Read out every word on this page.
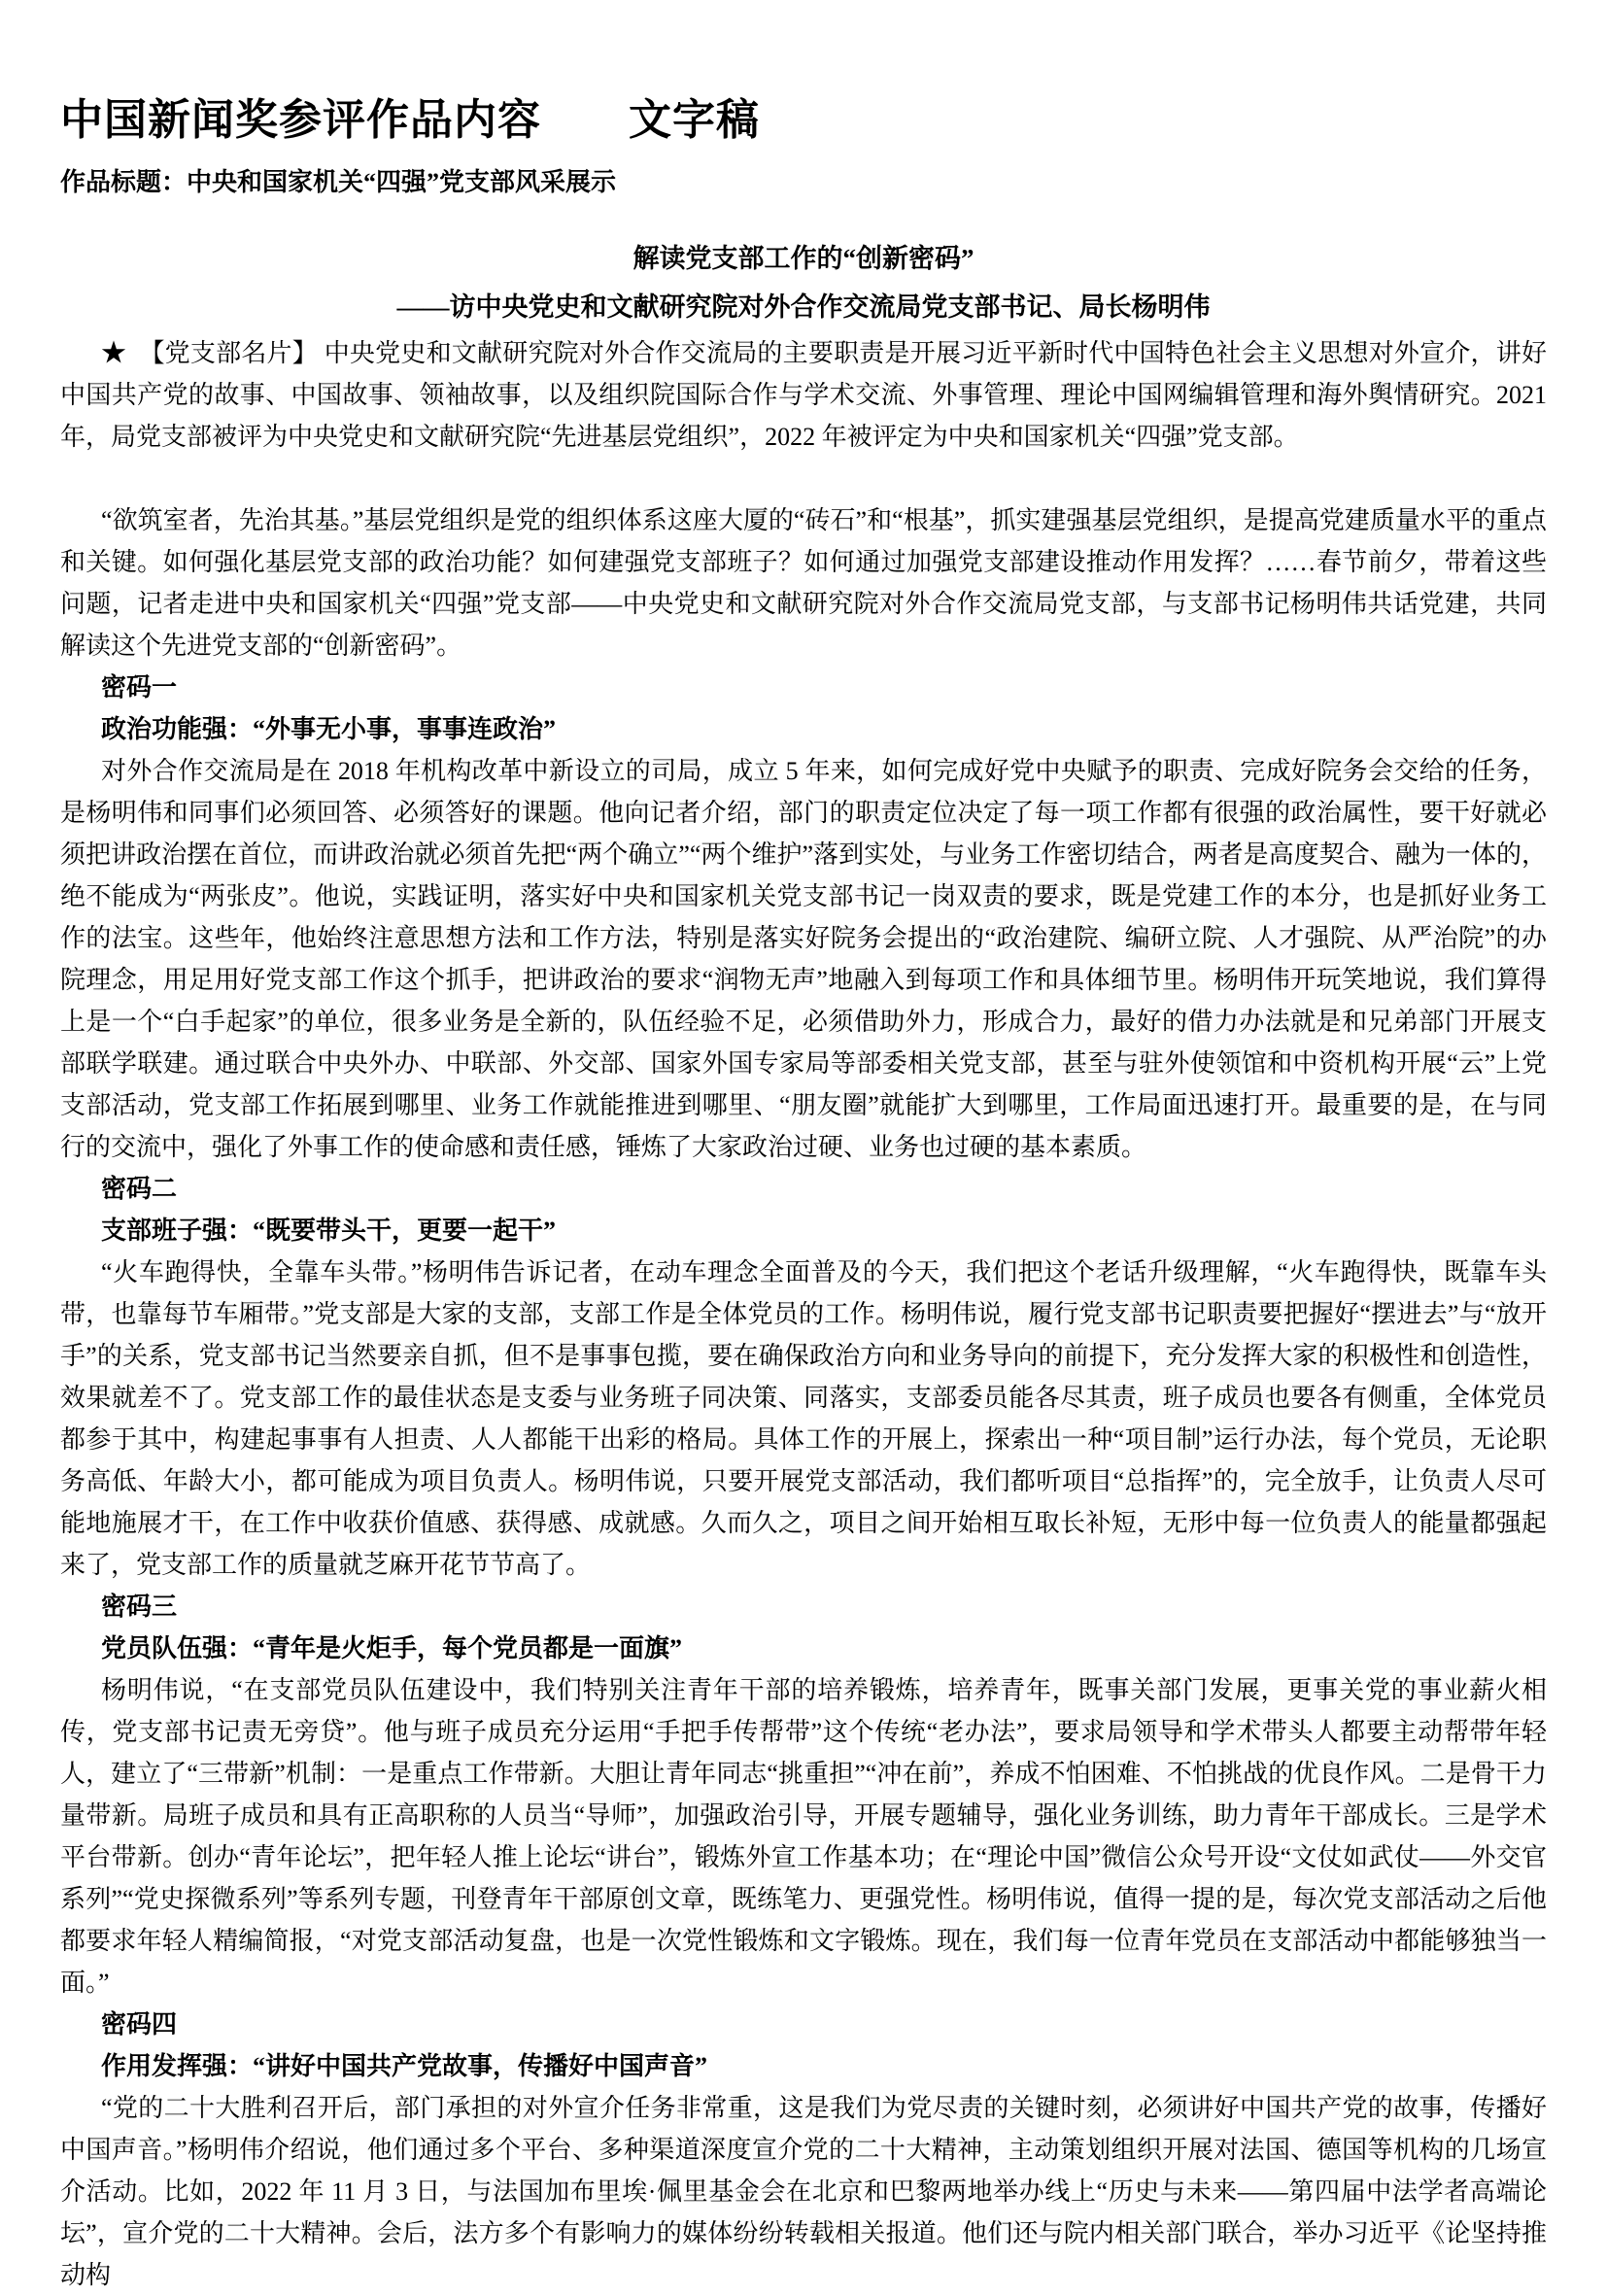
中国新闻奖参评作品内容　　文字稿
作品标题：中央和国家机关“四强”党支部风采展示
解读党支部工作的“创新密码”
——访中央党史和文献研究院对外合作交流局党支部书记、局长杨明伟

★　【党支部名片】 中央党史和文献研究院对外合作交流局的主要职责是开展习近平新时代中国特色社会主义思想对外宣介，讲好中国共产党的故事、中国故事、领袖故事，以及组织院国际合作与学术交流、外事管理、理论中国网编辑管理和海外舆情研究。2021 年，局党支部被评为中央党史和文献研究院“先进基层党组织”，2022 年被评定为中央和国家机关“四强”党支部。

“欲筑室者，先治其基。”基层党组织是党的组织体系这座大厦的“砖石”和“根基”，抓实建强基层党组织，是提高党建质量水平的重点和关键。如何强化基层党支部的政治功能？如何建强党支部班子？如何通过加强党支部建设推动作用发挥？……春节前夕，带着这些问题，记者走进中央和国家机关“四强”党支部——中央党史和文献研究院对外合作交流局党支部，与支部书记杨明伟共话党建，共同解读这个先进党支部的“创新密码”。

密码一
政治功能强：“外事无小事，事事连政治”

对外合作交流局是在 2018 年机构改革中新设立的司局，成立 5 年来，如何完成好党中央赋予的职责、完成好院务会交给的任务，是杨明伟和同事们必须回答、必须答好的课题。他向记者介绍，部门的职责定位决定了每一项工作都有很强的政治属性，要干好就必须把讲政治摆在首位，而讲政治就必须首先把“两个确立”“两个维护”落到实处，与业务工作密切结合，两者是高度契合、融为一体的，绝不能成为“两张皮”。他说，实践证明，落实好中央和国家机关党支部书记一岗双责的要求，既是党建工作的本分，也是抓好业务工作的法宝。这些年，他始终注意思想方法和工作方法，特别是落实好院务会提出的“政治建院、编研立院、人才强院、从严治院”的办院理念，用足用好党支部工作这个抓手，把讲政治的要求“润物无声”地融入到每项工作和具体细节里。杨明伟开玩笑地说，我们算得上是一个“白手起家”的单位，很多业务是全新的，队伍经验不足，必须借助外力，形成合力，最好的借力办法就是和兄弟部门开展支部联学联建。通过联合中央外办、中联部、外交部、国家外国专家局等部委相关党支部，甚至与驻外使领馆和中资机构开展“云”上党支部活动，党支部工作拓展到哪里、业务工作就能推进到哪里、“朋友圈”就能扩大到哪里，工作局面迅速打开。最重要的是，在与同行的交流中，强化了外事工作的使命感和责任感，锤炼了大家政治过硬、业务也过硬的基本素质。

密码二
支部班子强：“既要带头干，更要一起干”

“火车跑得快，全靠车头带。”杨明伟告诉记者，在动车理念全面普及的今天，我们把这个老话升级理解，“火车跑得快，既靠车头带，也靠每节车厢带。”党支部是大家的支部，支部工作是全体党员的工作。杨明伟说，履行党支部书记职责要把握好“摆进去”与“放开手”的关系，党支部书记当然要亲自抓，但不是事事包揽，要在确保政治方向和业务导向的前提下，充分发挥大家的积极性和创造性，效果就差不了。党支部工作的最佳状态是支委与业务班子同决策、同落实，支部委员能各尽其责，班子成员也要各有侧重，全体党员都参于其中，构建起事事有人担责、人人都能干出彩的格局。具体工作的开展上，探索出一种“项目制”运行办法，每个党员，无论职务高低、年龄大小，都可能成为项目负责人。杨明伟说，只要开展党支部活动，我们都听项目“总指挥”的，完全放手，让负责人尽可能地施展才干，在工作中收获价值感、获得感、成就感。久而久之，项目之间开始相互取长补短，无形中每一位负责人的能量都强起来了，党支部工作的质量就芝麻开花节节高了。

密码三
党员队伍强：“青年是火炬手，每个党员都是一面旗”

杨明伟说，“在支部党员队伍建设中，我们特别关注青年干部的培养锻炼，培养青年，既事关部门发展，更事关党的事业薪火相传，党支部书记责无旁贷”。他与班子成员充分运用“手把手传帮带”这个传统“老办法”，要求局领导和学术带头人都要主动帮带年轻人，建立了“三带新”机制：一是重点工作带新。大胆让青年同志“挑重担”“冲在前”，养成不怕困难、不怕挑战的优良作风。二是骨干力量带新。局班子成员和具有正高职称的人员当“导师”，加强政治引导，开展专题辅导，强化业务训练，助力青年干部成长。三是学术平台带新。创办“青年论坛”，把年轻人推上论坛“讲台”，锻炼外宣工作基本功；在“理论中国”微信公众号开设“文仗如武仗——外交官系列”“党史探微系列”等系列专题，刊登青年干部原创文章，既练笔力、更强党性。杨明伟说，值得一提的是，每次党支部活动之后他都要求年轻人精编简报，“对党支部活动复盘，也是一次党性锻炼和文字锻炼。现在，我们每一位青年党员在支部活动中都能够独当一面。”

密码四
作用发挥强：“讲好中国共产党故事，传播好中国声音”

“党的二十大胜利召开后，部门承担的对外宣介任务非常重，这是我们为党尽责的关键时刻，必须讲好中国共产党的故事，传播好中国声音。”杨明伟介绍说，他们通过多个平台、多种渠道深度宣介党的二十大精神，主动策划组织开展对法国、德国等机构的几场宣介活动。比如，2022 年 11 月 3 日，与法国加布里埃·佩里基金会在北京和巴黎两地举办线上“历史与未来——第四届中法学者高端论坛”，宣介党的二十大精神。会后，法方多个有影响力的媒体纷纷转载相关报道。他们还与院内相关部门联合，举办习近平《论坚持推动构
